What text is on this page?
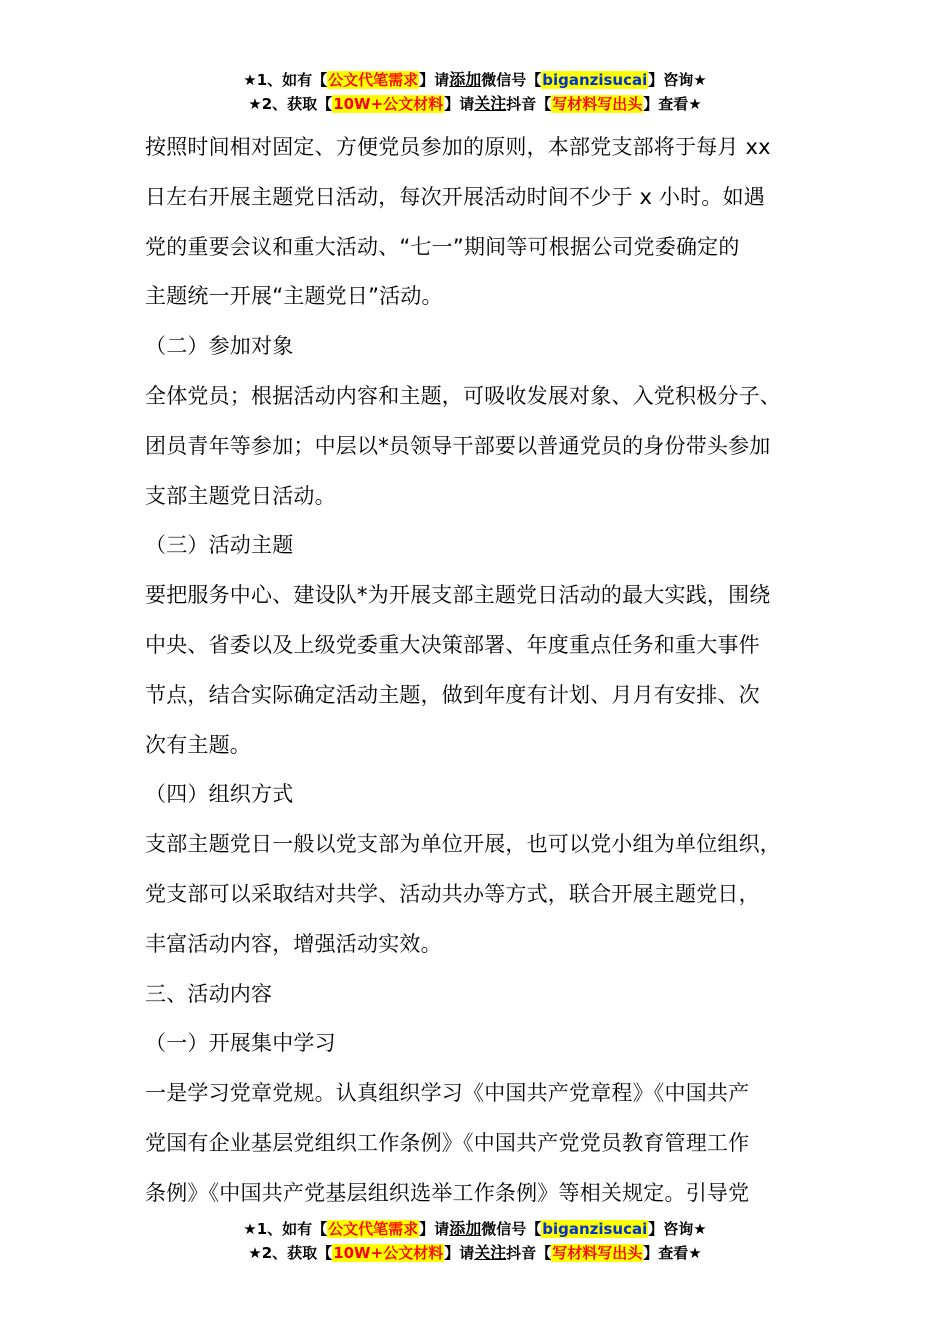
★1、如有【公文代笔需求】请添加微信号【biganzisucai】咨询★
★2、获取【10W+公文材料】请关注抖音【写材料写出头】查看★

按照时间相对固定、方便党员参加的原则，本部党支部将于每月 xx

日左右开展主题党日活动，每次开展活动时间不少于 x 小时。如遇

党的重要会议和重大活动、“七一”期间等可根据公司党委确定的

主题统一开展“主题党日”活动。

（二）参加对象

全体党员；根据活动内容和主题，可吸收发展对象、入党积极分子、

团员青年等参加；中层以*员领导干部要以普通党员的身份带头参加

支部主题党日活动。

（三）活动主题

要把服务中心、建设队*为开展支部主题党日活动的最大实践，围绕

中央、省委以及上级党委重大决策部署、年度重点任务和重大事件

节点，结合实际确定活动主题，做到年度有计划、月月有安排、次

次有主题。

（四）组织方式

支部主题党日一般以党支部为单位开展，也可以党小组为单位组织，

党支部可以采取结对共学、活动共办等方式，联合开展主题党日，

丰富活动内容，增强活动实效。

三、活动内容

（一）开展集中学习

一是学习党章党规。认真组织学习《中国共产党章程》《中国共产

党国有企业基层党组织工作条例》《中国共产党党员教育管理工作

条例》《中国共产党基层组织选举工作条例》等相关规定。引导党

★1、如有【公文代笔需求】请添加微信号【biganzisucai】咨询★
★2、获取【10W+公文材料】请关注抖音【写材料写出头】查看★
